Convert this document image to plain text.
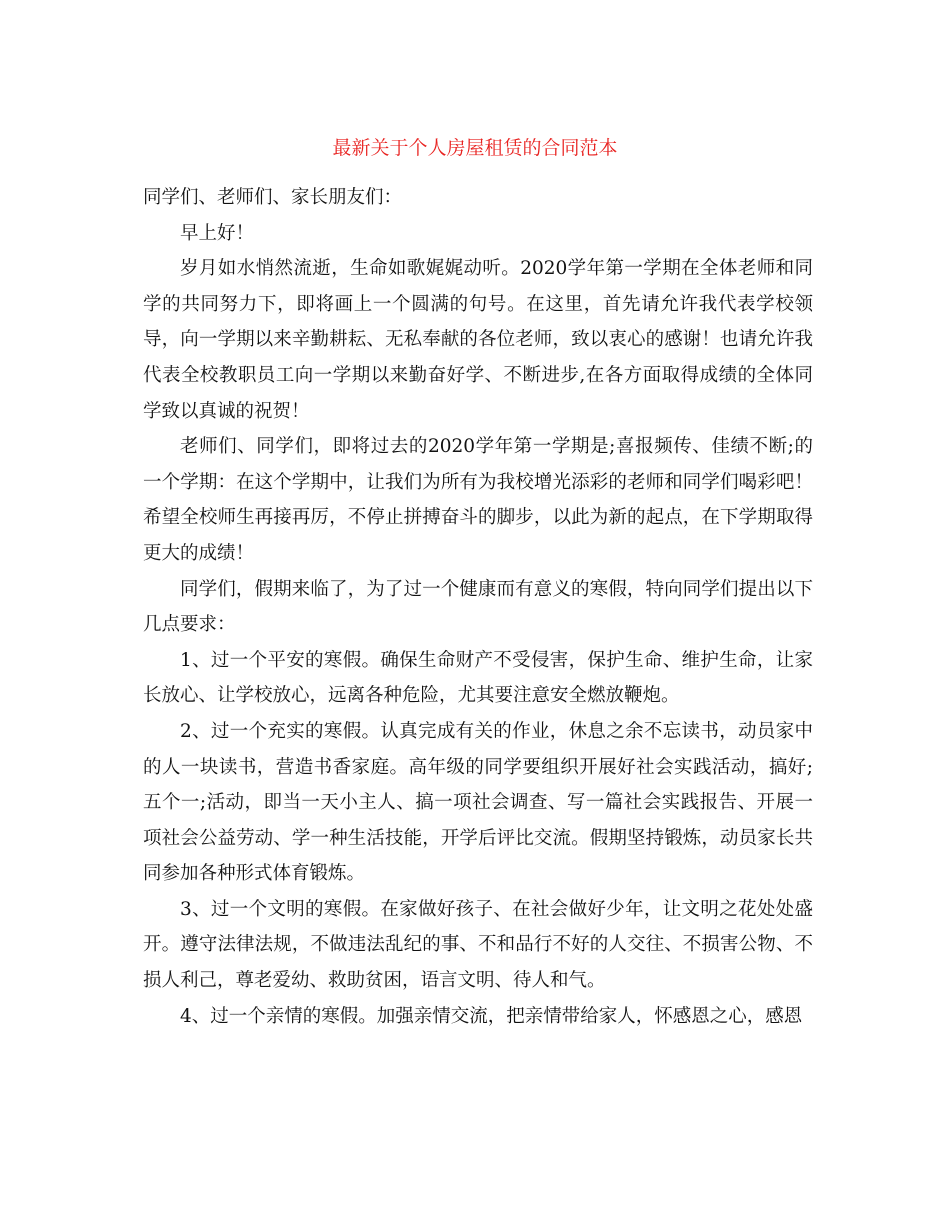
最新关于个人房屋租赁的合同范本

同学们、老师们、家长朋友们：

早上好！

岁月如水悄然流逝，生命如歌娓娓动听。2020学年第一学期在全体老师和同学的共同努力下，即将画上一个圆满的句号。在这里，首先请允许我代表学校领导，向一学期以来辛勤耕耘、无私奉献的各位老师，致以衷心的感谢！也请允许我代表全校教职员工向一学期以来勤奋好学、不断进步,在各方面取得成绩的全体同学致以真诚的祝贺！

老师们、同学们，即将过去的2020学年第一学期是;喜报频传、佳绩不断;的一个学期：在这个学期中，让我们为所有为我校增光添彩的老师和同学们喝彩吧！希望全校师生再接再厉，不停止拼搏奋斗的脚步，以此为新的起点，在下学期取得更大的成绩！

同学们，假期来临了，为了过一个健康而有意义的寒假，特向同学们提出以下几点要求：

1、过一个平安的寒假。确保生命财产不受侵害，保护生命、维护生命，让家长放心、让学校放心，远离各种危险，尤其要注意安全燃放鞭炮。

2、过一个充实的寒假。认真完成有关的作业，休息之余不忘读书，动员家中的人一块读书，营造书香家庭。高年级的同学要组织开展好社会实践活动，搞好;五个一;活动，即当一天小主人、搞一项社会调查、写一篇社会实践报告、开展一项社会公益劳动、学一种生活技能，开学后评比交流。假期坚持锻炼，动员家长共同参加各种形式体育锻炼。

3、过一个文明的寒假。在家做好孩子、在社会做好少年，让文明之花处处盛开。遵守法律法规，不做违法乱纪的事、不和品行不好的人交往、不损害公物、不损人利己，尊老爱幼、救助贫困，语言文明、待人和气。

4、过一个亲情的寒假。加强亲情交流，把亲情带给家人，怀感恩之心，感恩
